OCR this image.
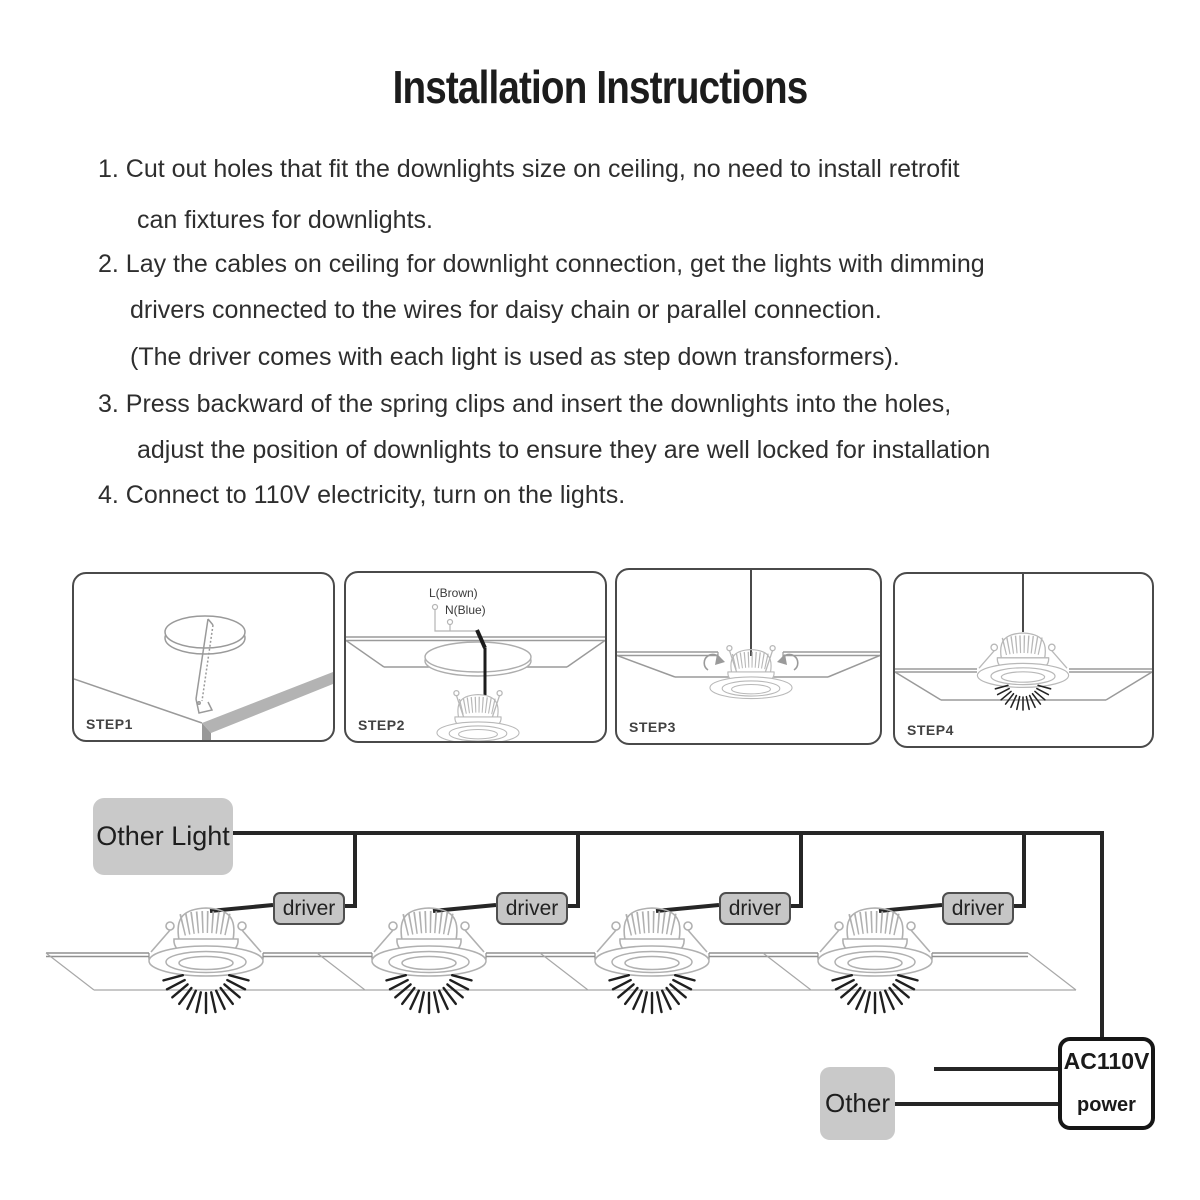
Installation Instructions
1. Cut out holes that fit the downlights size on ceiling, no need to install retrofit
can fixtures for downlights.
2. Lay the cables on ceiling for downlight connection, get the lights with dimming
drivers connected to the wires for daisy chain or parallel connection.
(The driver comes with each light is used as step down transformers).
3. Press backward of the spring clips and insert the downlights into the holes,
adjust the position of downlights to ensure they are well locked for installation
4. Connect to 110V electricity, turn on the lights.
STEP1
L(Brown)
N(Blue)
STEP2	STEP3	STEP4
Other Light
driver	driver	driver	driver
Other
AC110V
power
